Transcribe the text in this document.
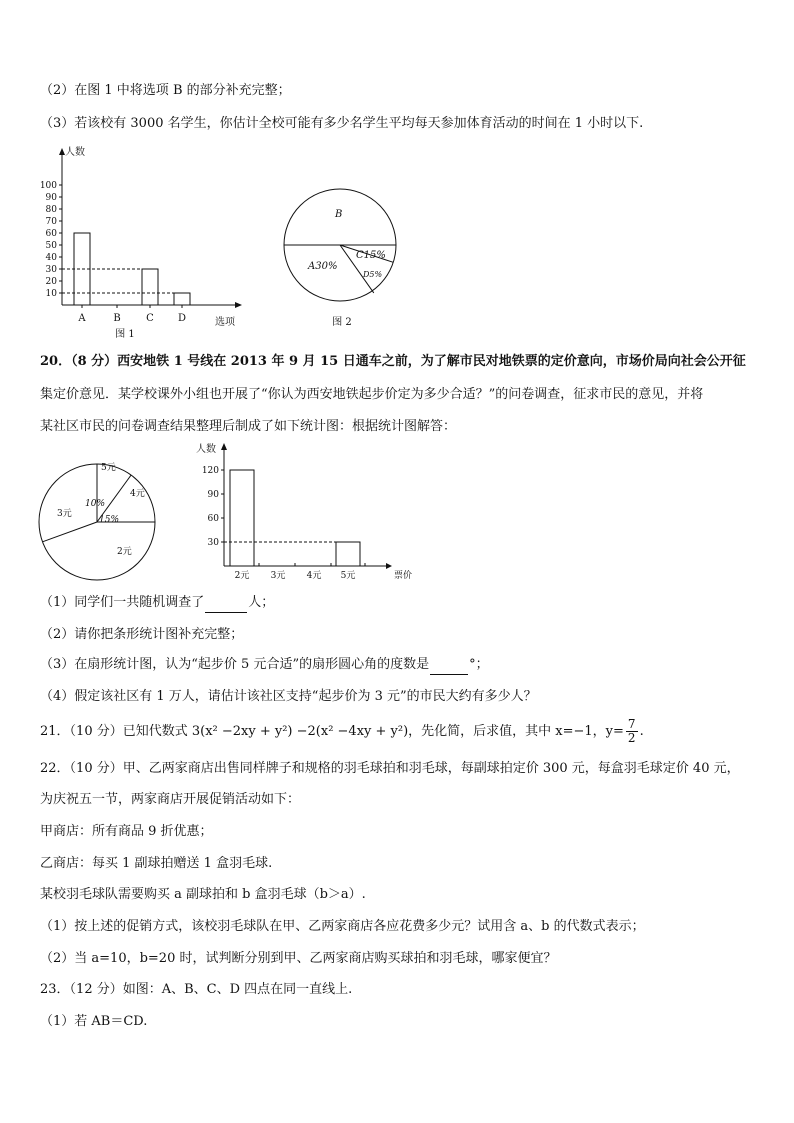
（2）在图 1 中将选项 B 的部分补充完整；
（3）若该校有 3000 名学生，你估计全校可能有多少名学生平均每天参加体育活动的时间在 1 小时以下.
人数
选项
10
20
30
40
50
60
70
80
90
100
A	B	C D
图 1
B
A30%
C15%
D5%
图 2
20．（8 分）西安地铁 1 号线在 2013 年 9 月 15 日通车之前，为了解市民对地铁票的定价意向，市场价局向社会公开征
集定价意见．某学校课外小组也开展了“你认为西安地铁起步价定为多少合适？”的问卷调查，征求市民的意见，并将
某社区市民的问卷调查结果整理后制成了如下统计图：根据统计图解答：
5元
4元
3元
2元
10%
15%
人数
票价
30
60
90
120
2元 3元 4元 5元
（1）同学们一共随机调查了	人；
（2）请你把条形统计图补充完整；
（3）在扇形统计图，认为“起步价 5 元合适”的扇形圆心角的度数是	°；
（4）假定该社区有 1 万人，请估计该社区支持“起步价为 3 元”的市民大约有多少人？
21．（10 分）已知代数式 3(x² −2xy + y²) −2(x² −4xy + y²)，先化简，后求值，其中 x=−1，$y= \frac{7}{2}$ .
22．（10 分）甲、乙两家商店出售同样牌子和规格的羽毛球拍和羽毛球，每副球拍定价 300 元，每盒羽毛球定价 40 元，
为庆祝五一节，两家商店开展促销活动如下：
甲商店：所有商品 9 折优惠；
乙商店：每买 1 副球拍赠送 1 盒羽毛球.
某校羽毛球队需要购买 a 副球拍和 b 盒羽毛球（b＞a）.
（1）按上述的促销方式，该校羽毛球队在甲、乙两家商店各应花费多少元？试用含 a、b 的代数式表示；
（2）当 a=10，b=20 时，试判断分别到甲、乙两家商店购买球拍和羽毛球，哪家便宜？
23．（12 分）如图：A、B、C、D 四点在同一直线上.
（1）若 AB＝CD.
